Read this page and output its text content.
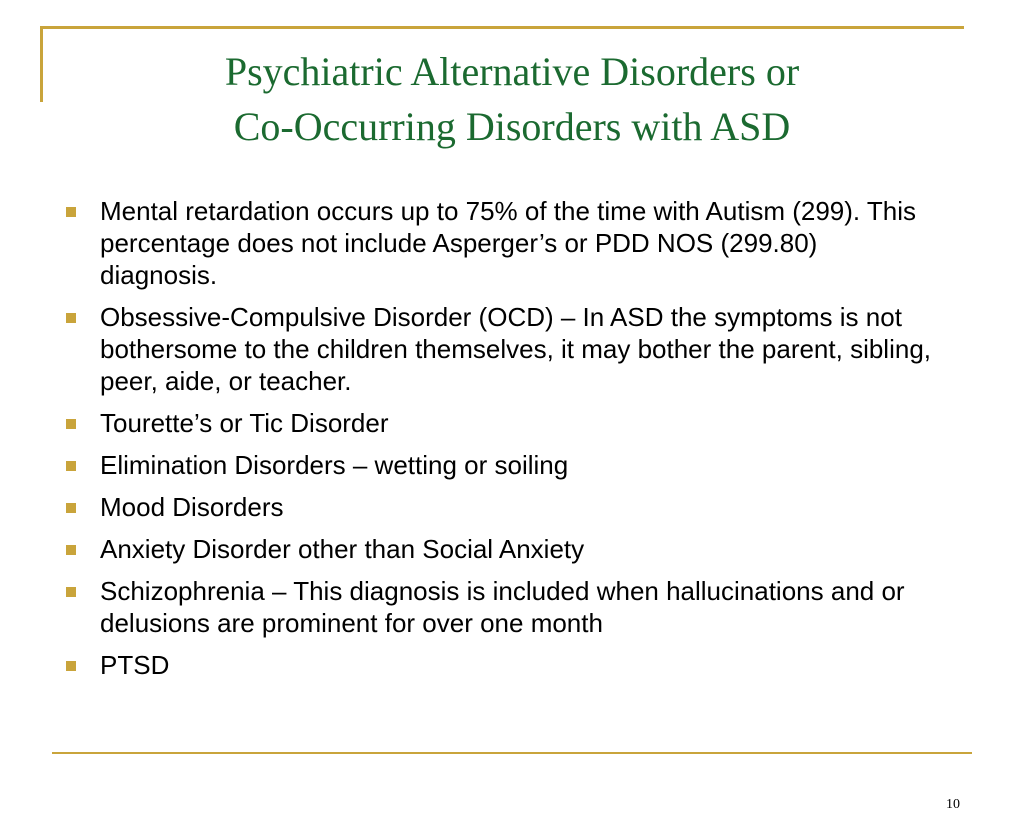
Psychiatric Alternative Disorders or
Co-Occurring Disorders with ASD
Mental retardation occurs up to 75% of the time with Autism (299). This percentage does not include Asperger’s or PDD NOS (299.80) diagnosis.
Obsessive-Compulsive Disorder (OCD) – In ASD the symptoms is not bothersome to the children themselves, it may bother the parent, sibling, peer, aide, or teacher.
Tourette’s or Tic Disorder
Elimination Disorders – wetting or soiling
Mood Disorders
Anxiety Disorder other than Social Anxiety
Schizophrenia – This diagnosis is included when hallucinations and or delusions are prominent for over one month
PTSD
10
